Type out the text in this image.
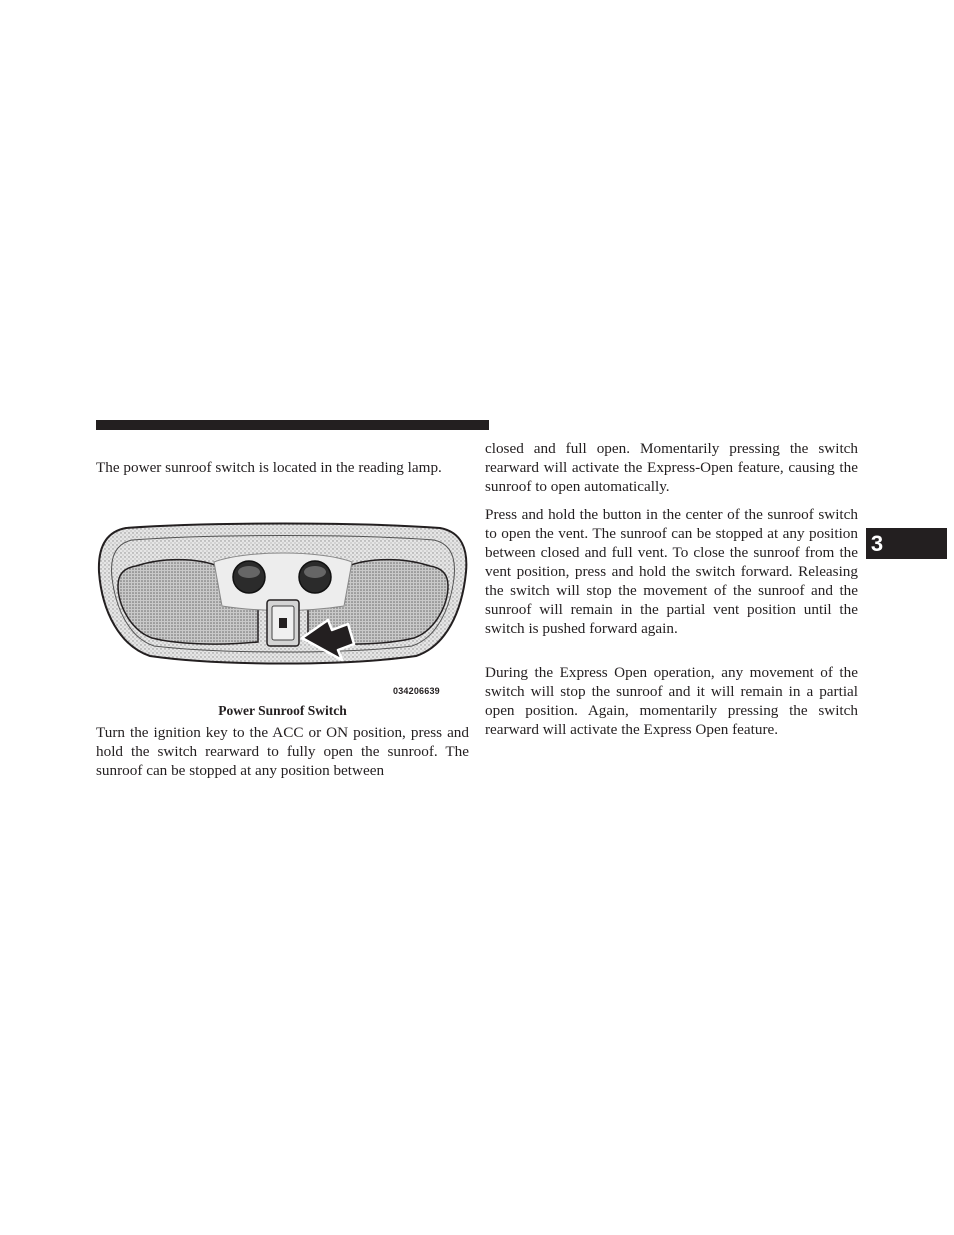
The power sunroof switch is located in the reading lamp.

034206639
Power Sunroof Switch

Turn the ignition key to the ACC or ON position, press and hold the switch rearward to fully open the sunroof. The sunroof can be stopped at any position between

closed and full open. Momentarily pressing the switch rearward will activate the Express-Open feature, causing the sunroof to open automatically.

Press and hold the button in the center of the sunroof switch to open the vent. The sunroof can be stopped at any position between closed and full vent. To close the sunroof from the vent position, press and hold the switch forward. Releasing the switch will stop the movement of the sunroof and the sunroof will remain in the partial vent position until the switch is pushed forward again.

During the Express Open operation, any movement of the switch will stop the sunroof and it will remain in a partial open position. Again, momentarily pressing the switch rearward will activate the Express Open feature.

3
